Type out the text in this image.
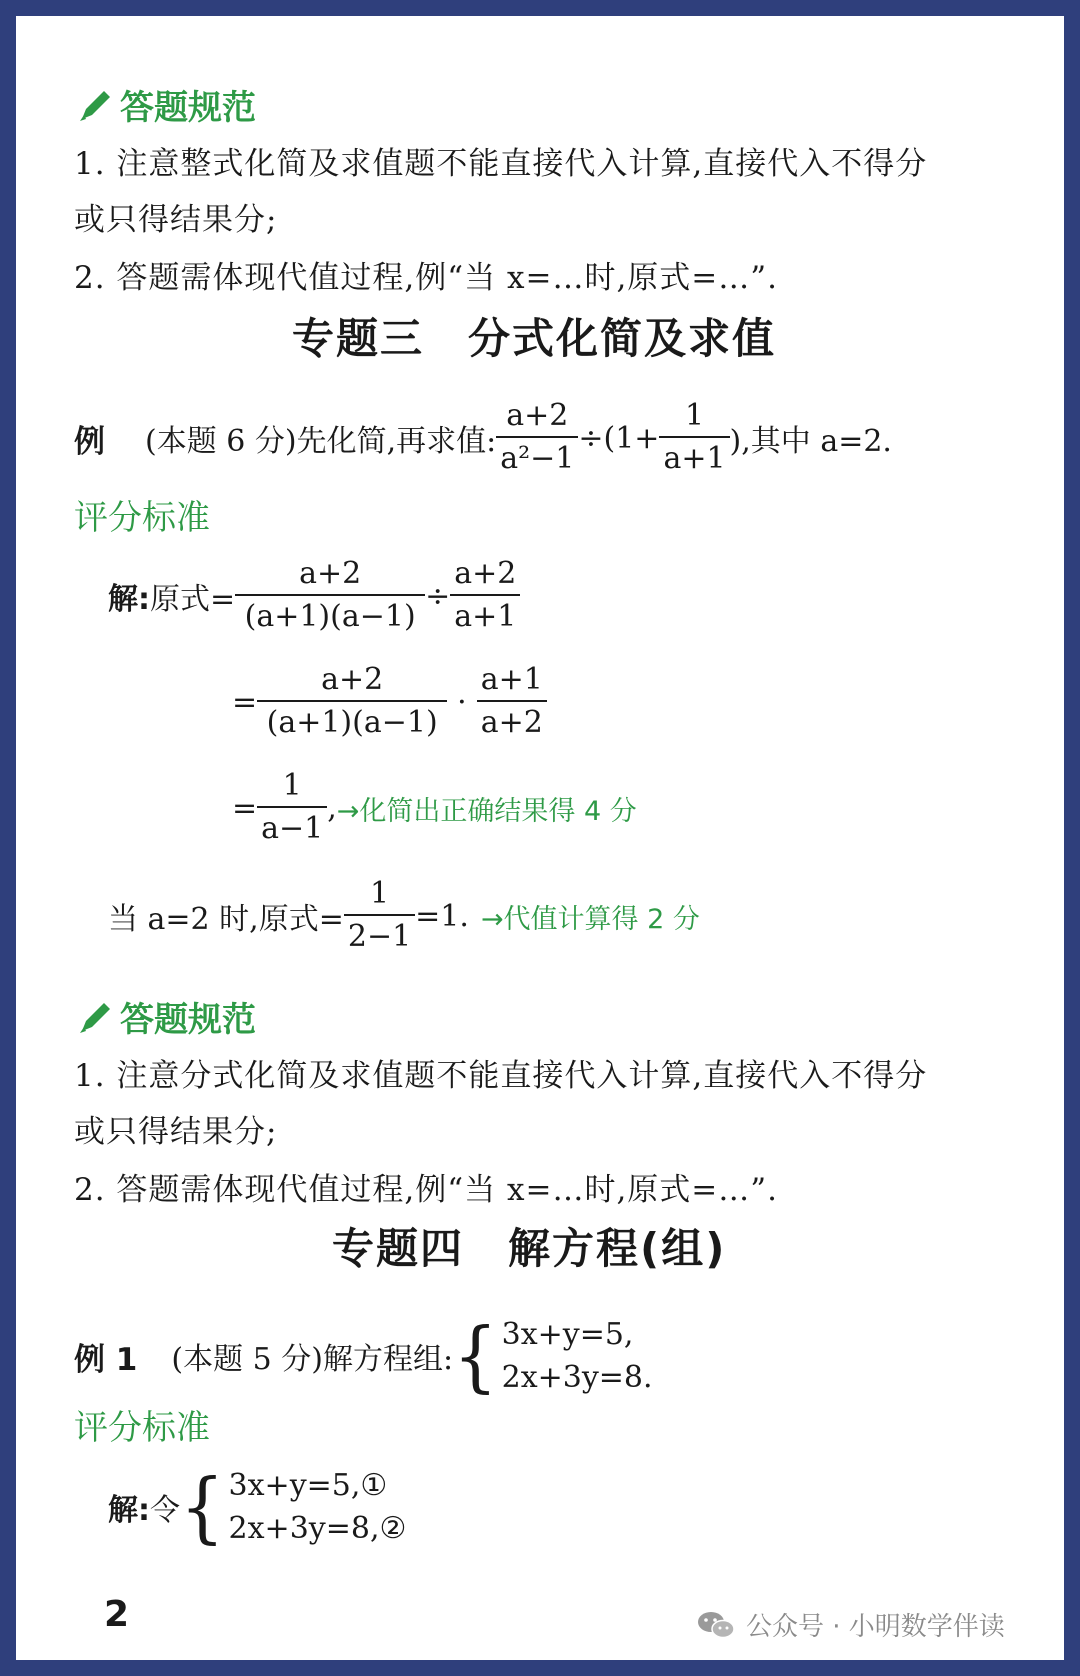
答题规范
1. 注意整式化简及求值题不能直接代入计算,直接代入不得分
或只得结果分;
2. 答题需体现代值过程,例“当 x=…时,原式=…”.
专题三　分式化简及求值
例 (本题 6 分)先化简,再求值: $\frac{a+2}{\text{a²−1}} \div(1+ \frac{1}{a+1}$ ),其中 a=2.
评分标准
解: 原式= $\frac{a+2}{(a+1)(a-1)} \div \frac{a+2}{a+1}$
= $\frac{a+2}{(a+1)(a-1)} \cdot \frac{a+1}{a+2}$
= $\frac{1}{a-1}$ , →化简出正确结果得 4 分
当 a=2 时,原式= $\frac{1}{2-1} =1$. →代值计算得 2 分
答题规范
1. 注意分式化简及求值题不能直接代入计算,直接代入不得分
或只得结果分;
2. 答题需体现代值过程,例“当 x=…时,原式=…”.
专题四　解方程(组)
例 1 (本题 5 分)解方程组: { 3x+y=5,
2x+3y=8.
评分标准
解: 令 { 3x+y=5,①
2x+3y=8,②
2	公众号 · 小明数学伴读
